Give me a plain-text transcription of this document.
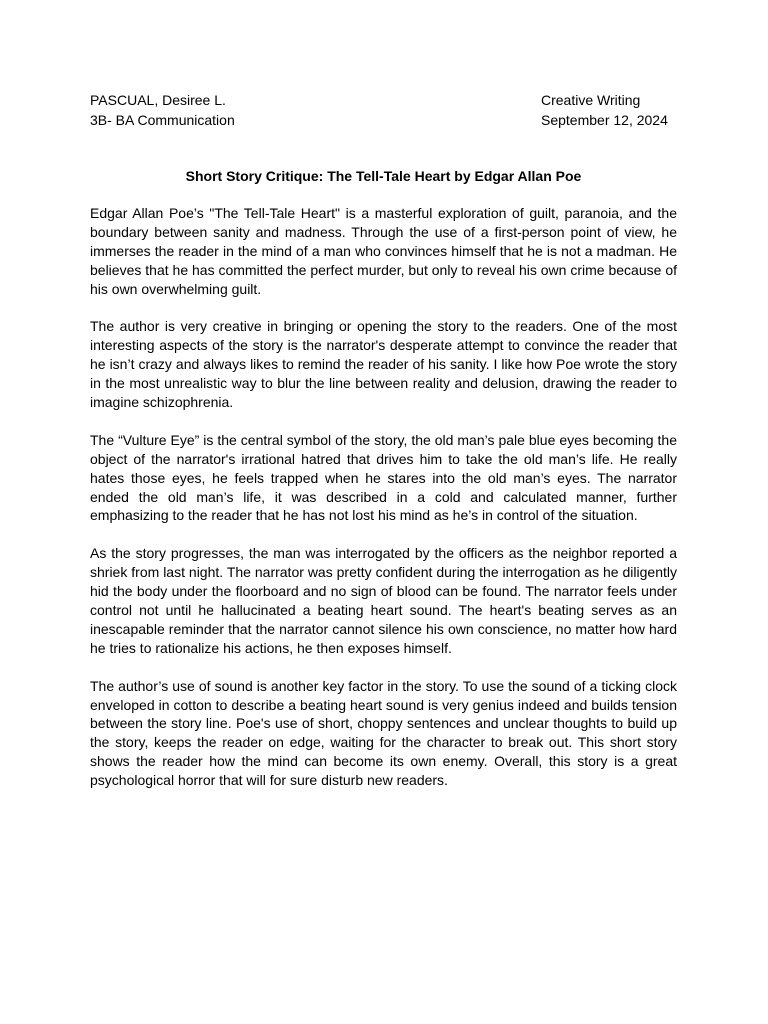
PASCUAL, Desiree L.	Creative Writing
3B- BA Communication	September 12, 2024
Short Story Critique: The Tell-Tale Heart by Edgar Allan Poe

Edgar Allan Poe’s "The Tell-Tale Heart" is a masterful exploration of guilt, paranoia, and the boundary between sanity and madness. Through the use of a first-person point of view, he immerses the reader in the mind of a man who convinces himself that he is not a madman. He believes that he has committed the perfect murder, but only to reveal his own crime because of his own overwhelming guilt.

The author is very creative in bringing or opening the story to the readers. One of the most interesting aspects of the story is the narrator's desperate attempt to convince the reader that he isn’t crazy and always likes to remind the reader of his sanity. I like how Poe wrote the story in the most unrealistic way to blur the line between reality and delusion, drawing the reader to imagine schizophrenia.

The “Vulture Eye” is the central symbol of the story, the old man’s pale blue eyes becoming the object of the narrator's irrational hatred that drives him to take the old man’s life. He really hates those eyes, he feels trapped when he stares into the old man’s eyes. The narrator ended the old man’s life, it was described in a cold and calculated manner, further emphasizing to the reader that he has not lost his mind as he’s in control of the situation.

As the story progresses, the man was interrogated by the officers as the neighbor reported a shriek from last night. The narrator was pretty confident during the interrogation as he diligently hid the body under the floorboard and no sign of blood can be found. The narrator feels under control not until he hallucinated a beating heart sound. The heart's beating serves as an inescapable reminder that the narrator cannot silence his own conscience, no matter how hard he tries to rationalize his actions, he then exposes himself.

The author’s use of sound is another key factor in the story. To use the sound of a ticking clock enveloped in cotton to describe a beating heart sound is very genius indeed and builds tension between the story line. Poe's use of short, choppy sentences and unclear thoughts to build up the story, keeps the reader on edge, waiting for the character to break out. This short story shows the reader how the mind can become its own enemy. Overall, this story is a great psychological horror that will for sure disturb new readers.
